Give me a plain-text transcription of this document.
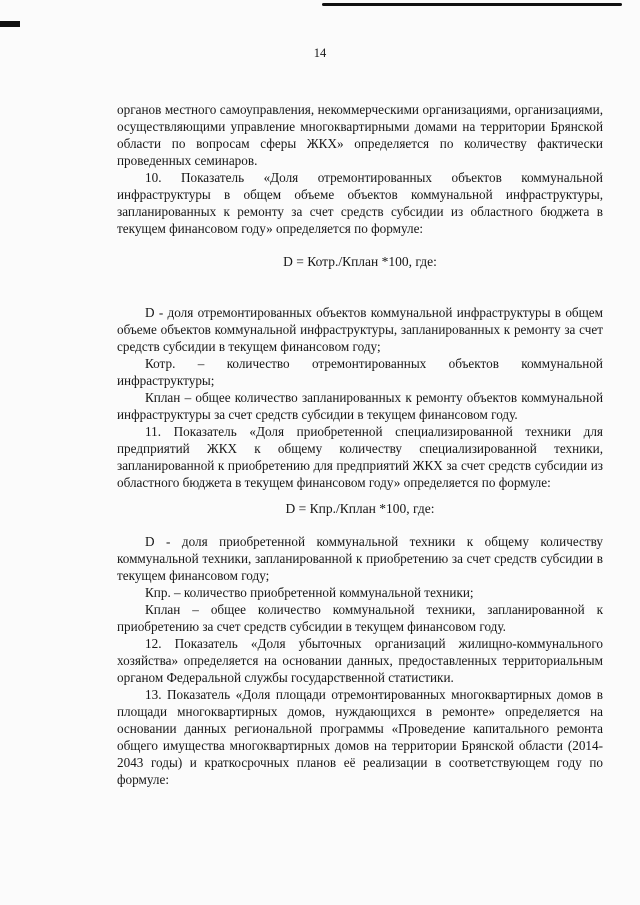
14

органов местного самоуправления, некоммерческими организациями, организациями, осуществляющими управление многоквартирными домами на территории Брянской области по вопросам сферы ЖКХ» определяется по количеству фактически проведенных семинаров.

10. Показатель «Доля отремонтированных объектов коммунальной инфраструктуры в общем объеме объектов коммунальной инфраструктуры, запланированных к ремонту за счет средств субсидии из областного бюджета в текущем финансовом году» определяется по формуле:

D = Котр./Кплан *100, где:

D - доля отремонтированных объектов коммунальной инфраструктуры в общем объеме объектов коммунальной инфраструктуры, запланированных к ремонту за счет средств субсидии в текущем финансовом году;

Котр. – количество отремонтированных объектов коммунальной инфраструктуры;

Кплан – общее количество запланированных к ремонту объектов коммунальной инфраструктуры за счет средств субсидии в текущем финансовом году.

11. Показатель «Доля приобретенной специализированной техники для предприятий ЖКХ к общему количеству специализированной техники, запланированной к приобретению для предприятий ЖКХ за счет средств субсидии из областного бюджета в текущем финансовом году» определяется по формуле:

D = Кпр./Кплан *100, где:

D - доля приобретенной коммунальной техники к общему количеству коммунальной техники, запланированной к приобретению за счет средств субсидии в текущем финансовом году;

Кпр. – количество приобретенной коммунальной техники;

Кплан – общее количество коммунальной техники, запланированной к приобретению за счет средств субсидии в текущем финансовом году.

12. Показатель «Доля убыточных организаций жилищно-коммунального хозяйства» определяется на основании данных, предоставленных территориальным органом Федеральной службы государственной статистики.

13. Показатель «Доля площади отремонтированных многоквартирных домов в площади многоквартирных домов, нуждающихся в ремонте» определяется на основании данных региональной программы «Проведение капитального ремонта общего имущества многоквартирных домов на территории Брянской области (2014-2043 годы) и краткосрочных планов её реализации в соответствующем году по формуле:
